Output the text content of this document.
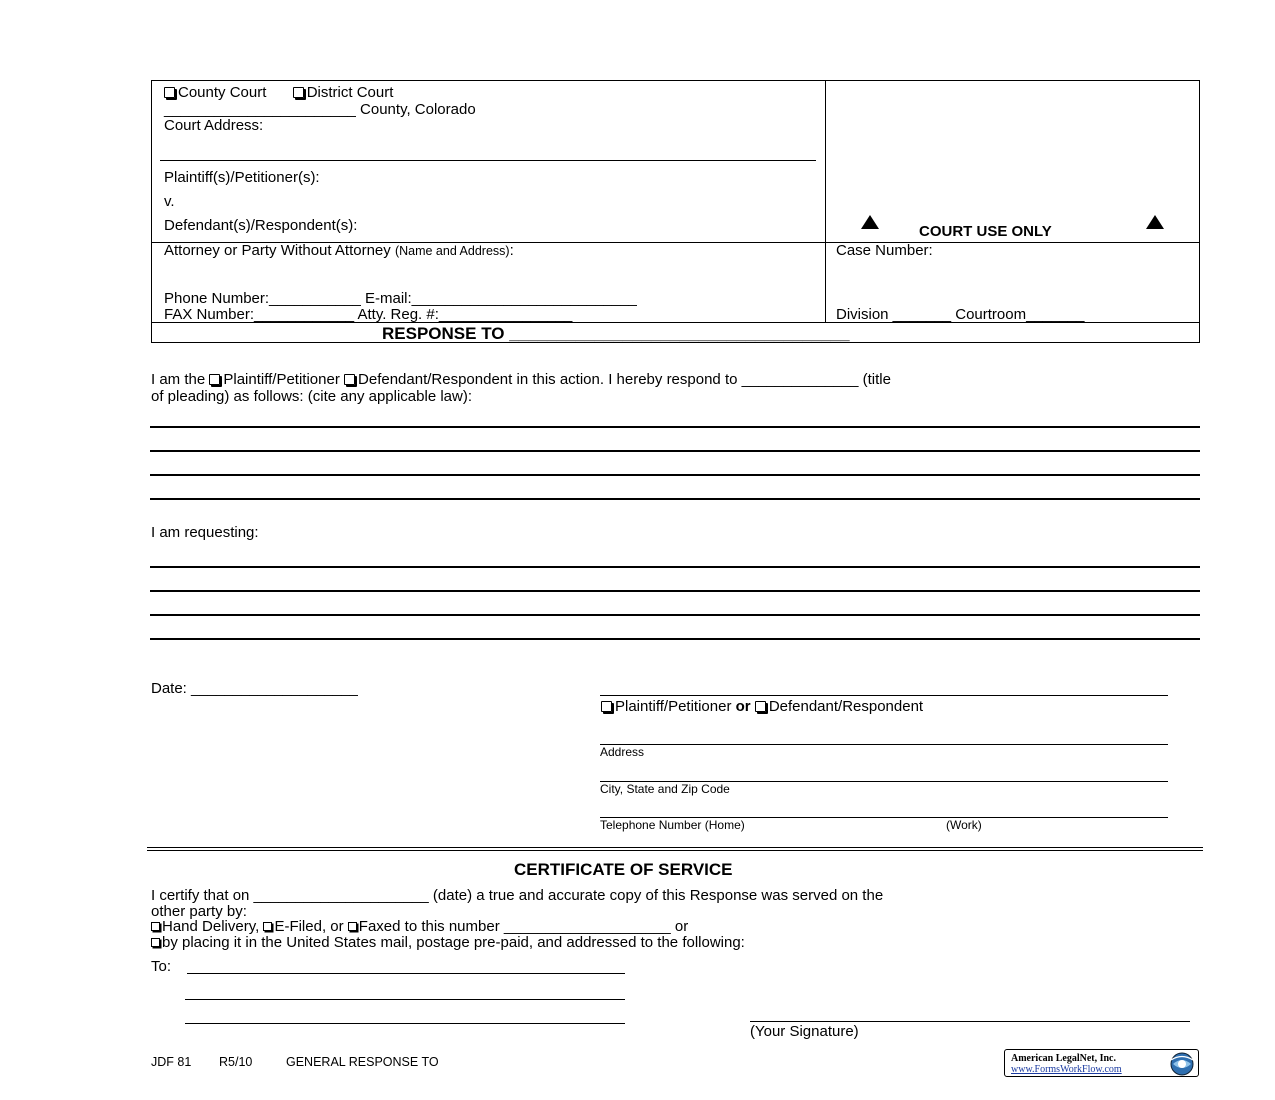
County Court	District Court
_______________________ County, Colorado
Court Address:
Plaintiff(s)/Petitioner(s):
v.
Defendant(s)/Respondent(s):	COURT USE ONLY
Attorney or Party Without Attorney (Name and Address):
Phone Number:___________ E-mail:___________________________
FAX Number:____________ Atty. Reg. #:________________
Case Number:
Division _______ Courtroom_______
RESPONSE TO ____________________________________
I am the Plaintiff/Petitioner Defendant/Respondent in this action. I hereby respond to ______________ (title
of pleading) as follows: (cite any applicable law):
I am requesting:
Date: ____________________
Plaintiff/Petitioner or Defendant/Respondent
Address
City, State and Zip Code
Telephone Number (Home)	(Work)
CERTIFICATE OF SERVICE
I certify that on _____________________ (date) a true and accurate copy of this Response was served on the
other party by:
Hand Delivery, E-Filed, or Faxed to this number ____________________ or
by placing it in the United States mail, postage pre-paid, and addressed to the following:
To:
(Your Signature)
JDF 81 R5/10	GENERAL RESPONSE TO	American LegalNet, Inc.
www.FormsWorkFlow.com
